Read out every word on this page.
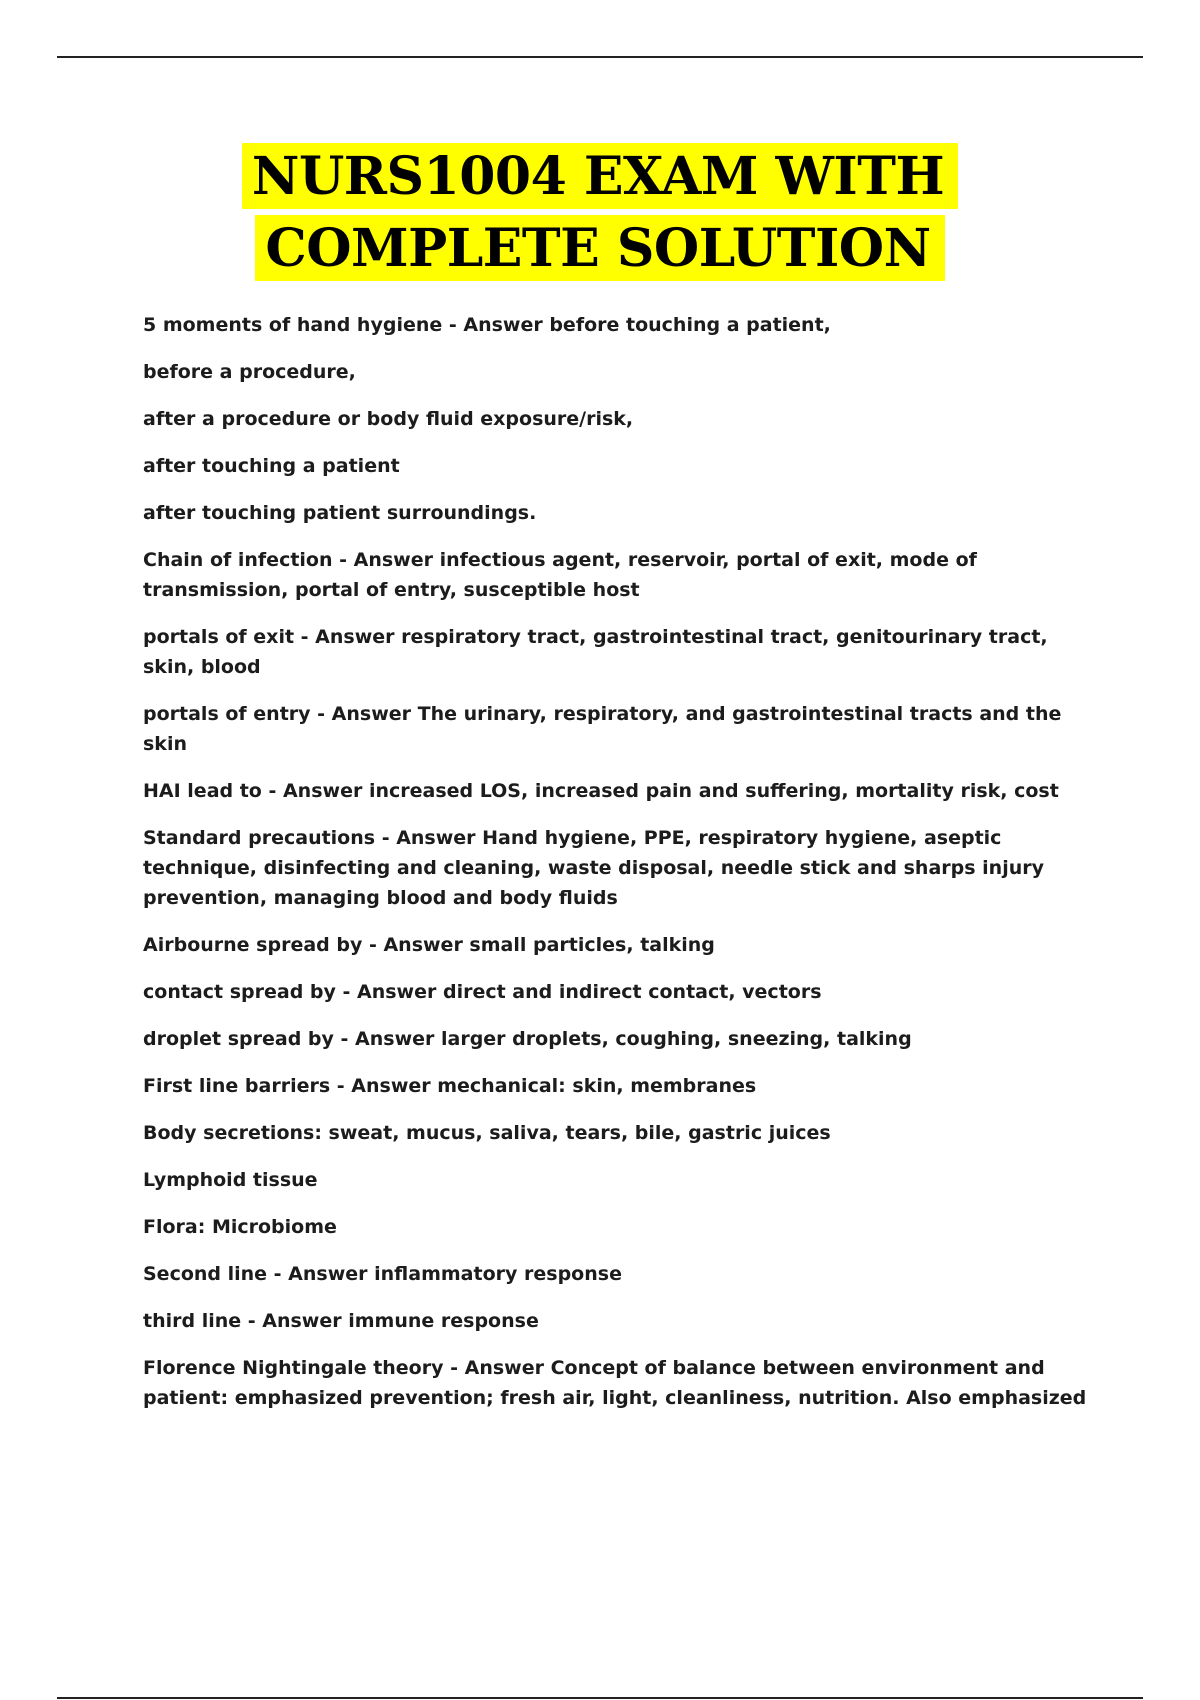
NURS1004 EXAM WITH
COMPLETE SOLUTION

5 moments of hand hygiene - Answer before touching a patient,

before a procedure,

after a procedure or body fluid exposure/risk,

after touching a patient

after touching patient surroundings.

Chain of infection - Answer infectious agent, reservoir, portal of exit, mode of transmission, portal of entry, susceptible host

portals of exit - Answer respiratory tract, gastrointestinal tract, genitourinary tract, skin, blood

portals of entry - Answer The urinary, respiratory, and gastrointestinal tracts and the skin

HAI lead to - Answer increased LOS, increased pain and suffering, mortality risk, cost

Standard precautions - Answer Hand hygiene, PPE, respiratory hygiene, aseptic technique, disinfecting and cleaning, waste disposal, needle stick and sharps injury prevention, managing blood and body fluids

Airbourne spread by - Answer small particles, talking

contact spread by - Answer direct and indirect contact, vectors

droplet spread by - Answer larger droplets, coughing, sneezing, talking

First line barriers - Answer mechanical: skin, membranes

Body secretions: sweat, mucus, saliva, tears, bile, gastric juices

Lymphoid tissue

Flora: Microbiome

Second line - Answer inflammatory response

third line - Answer immune response

Florence Nightingale theory - Answer Concept of balance between environment and patient: emphasized prevention; fresh air, light, cleanliness, nutrition. Also emphasized
